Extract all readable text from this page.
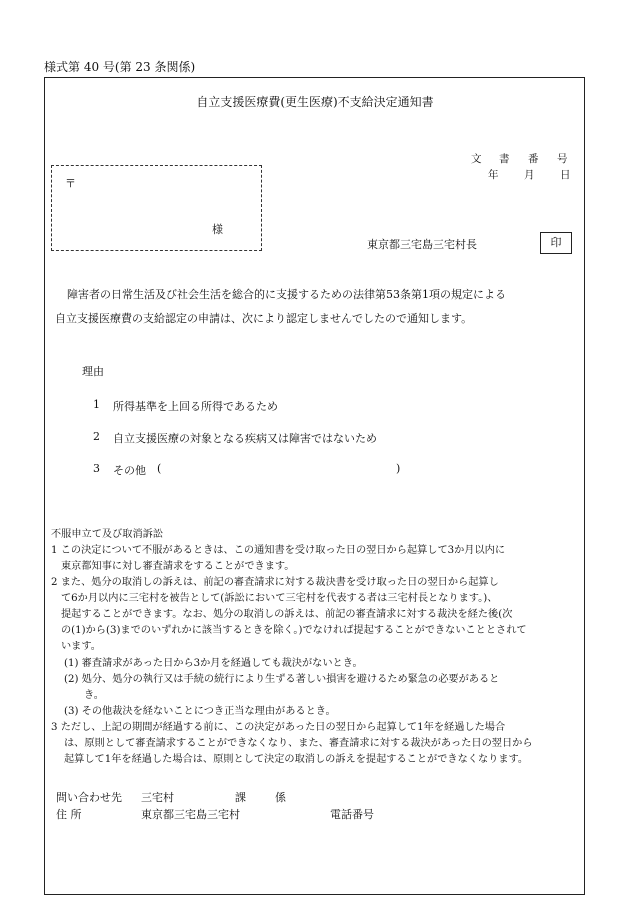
様式第 40 号(第 23 条関係)
自立支援医療費(更生医療)不支給決定通知書
文 書 番 号
年 月 日
〒
様
東京都三宅島三宅村長	印
障害者の日常生活及び社会生活を総合的に支援するための法律第53条第1項の規定による
自立支援医療費の支給認定の申請は、次により認定しませんでしたので通知します。
理由
1 所得基準を上回る所得であるため
2 自立支援医療の対象となる疾病又は障害ではないため
3 その他 (	)
不服申立て及び取消訴訟
1 この決定について不服があるときは、この通知書を受け取った日の翌日から起算して3か月以内に
東京都知事に対し審査請求をすることができます。
2 また、処分の取消しの訴えは、前記の審査請求に対する裁決書を受け取った日の翌日から起算し
て6か月以内に三宅村を被告として(訴訟において三宅村を代表する者は三宅村長となります。)、
提起することができます。なお、処分の取消しの訴えは、前記の審査請求に対する裁決を経た後(次
の(1)から(3)までのいずれかに該当するときを除く。)でなければ提起することができないこととされて
います。
(1) 審査請求があった日から3か月を経過しても裁決がないとき。
(2) 処分、処分の執行又は手続の続行により生ずる著しい損害を避けるため緊急の必要があると
き。
(3) その他裁決を経ないことにつき正当な理由があるとき。
3 ただし、上記の期間が経過する前に、この決定があった日の翌日から起算して1年を経過した場合
は、原則として審査請求することができなくなり、また、審査請求に対する裁決があった日の翌日から
起算して1年を経過した場合は、原則として決定の取消しの訴えを提起することができなくなります。
問い合わせ先 三宅村	課	係
住 所	東京都三宅島三宅村	電話番号
